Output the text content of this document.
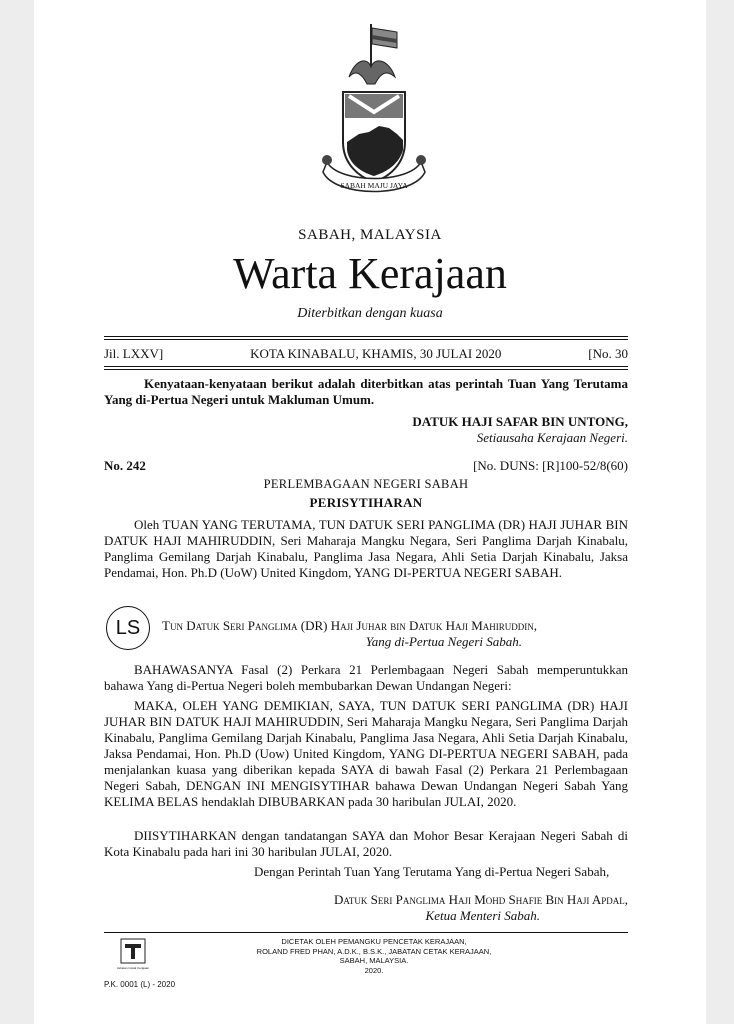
SABAH MAJU JAYA
SABAH, MALAYSIA
Warta Kerajaan
Diterbitkan dengan kuasa
Jil. LXXV]	KOTA KINABALU, KHAMIS, 30 JULAI 2020	[No. 30
Kenyataan-kenyataan berikut adalah diterbitkan atas perintah Tuan Yang Terutama Yang di-Pertua Negeri untuk Makluman Umum.
DATUK HAJI SAFAR BIN UNTONG,
Setiausaha Kerajaan Negeri.
No. 242	[No. DUNS: [R]100-52/8(60)
PERLEMBAGAAN NEGERI SABAH
PERISYTIHARAN
Oleh TUAN YANG TERUTAMA, TUN DATUK SERI PANGLIMA (DR) HAJI JUHAR BIN DATUK HAJI MAHIRUDDIN, Seri Maharaja Mangku Negara, Seri Panglima Darjah Kinabalu, Panglima Gemilang Darjah Kinabalu, Panglima Jasa Negara, Ahli Setia Darjah Kinabalu, Jaksa Pendamai, Hon. Ph.D (UoW) United Kingdom, YANG DI-PERTUA NEGERI SABAH.
LS	Tun Datuk Seri Panglima (DR) Haji Juhar bin Datuk Haji Mahiruddin,
Yang di-Pertua Negeri Sabah.
BAHAWASANYA Fasal (2) Perkara 21 Perlembagaan Negeri Sabah memperuntukkan bahawa Yang di-Pertua Negeri boleh membubarkan Dewan Undangan Negeri:
MAKA, OLEH YANG DEMIKIAN, SAYA, TUN DATUK SERI PANGLIMA (DR) HAJI JUHAR BIN DATUK HAJI MAHIRUDDIN, Seri Maharaja Mangku Negara, Seri Panglima Darjah Kinabalu, Panglima Gemilang Darjah Kinabalu, Panglima Jasa Negara, Ahli Setia Darjah Kinabalu, Jaksa Pendamai, Hon. Ph.D (Uow) United Kingdom, YANG DI-PERTUA NEGERI SABAH, pada menjalankan kuasa yang diberikan kepada SAYA di bawah Fasal (2) Perkara 21 Perlembagaan Negeri Sabah, DENGAN INI MENGISYTIHAR bahawa Dewan Undangan Negeri Sabah Yang KELIMA BELAS hendaklah DIBUBARKAN pada 30 haribulan JULAI, 2020.
DIISYTIHARKAN dengan tandatangan SAYA dan Mohor Besar Kerajaan Negeri Sabah di Kota Kinabalu pada hari ini 30 haribulan JULAI, 2020.
Dengan Perintah Tuan Yang Terutama Yang di-Pertua Negeri Sabah,
Datuk Seri Panglima Haji Mohd Shafie Bin Haji Apdal,
Ketua Menteri Sabah.
Jabatan Cetak Kerajaan
DICETAK OLEH PEMANGKU PENCETAK KERAJAAN,
ROLAND FRED PHAN, A.D.K., B.S.K., JABATAN CETAK KERAJAAN,
SABAH, MALAYSIA.
2020.
P.K. 0001 (L) - 2020
